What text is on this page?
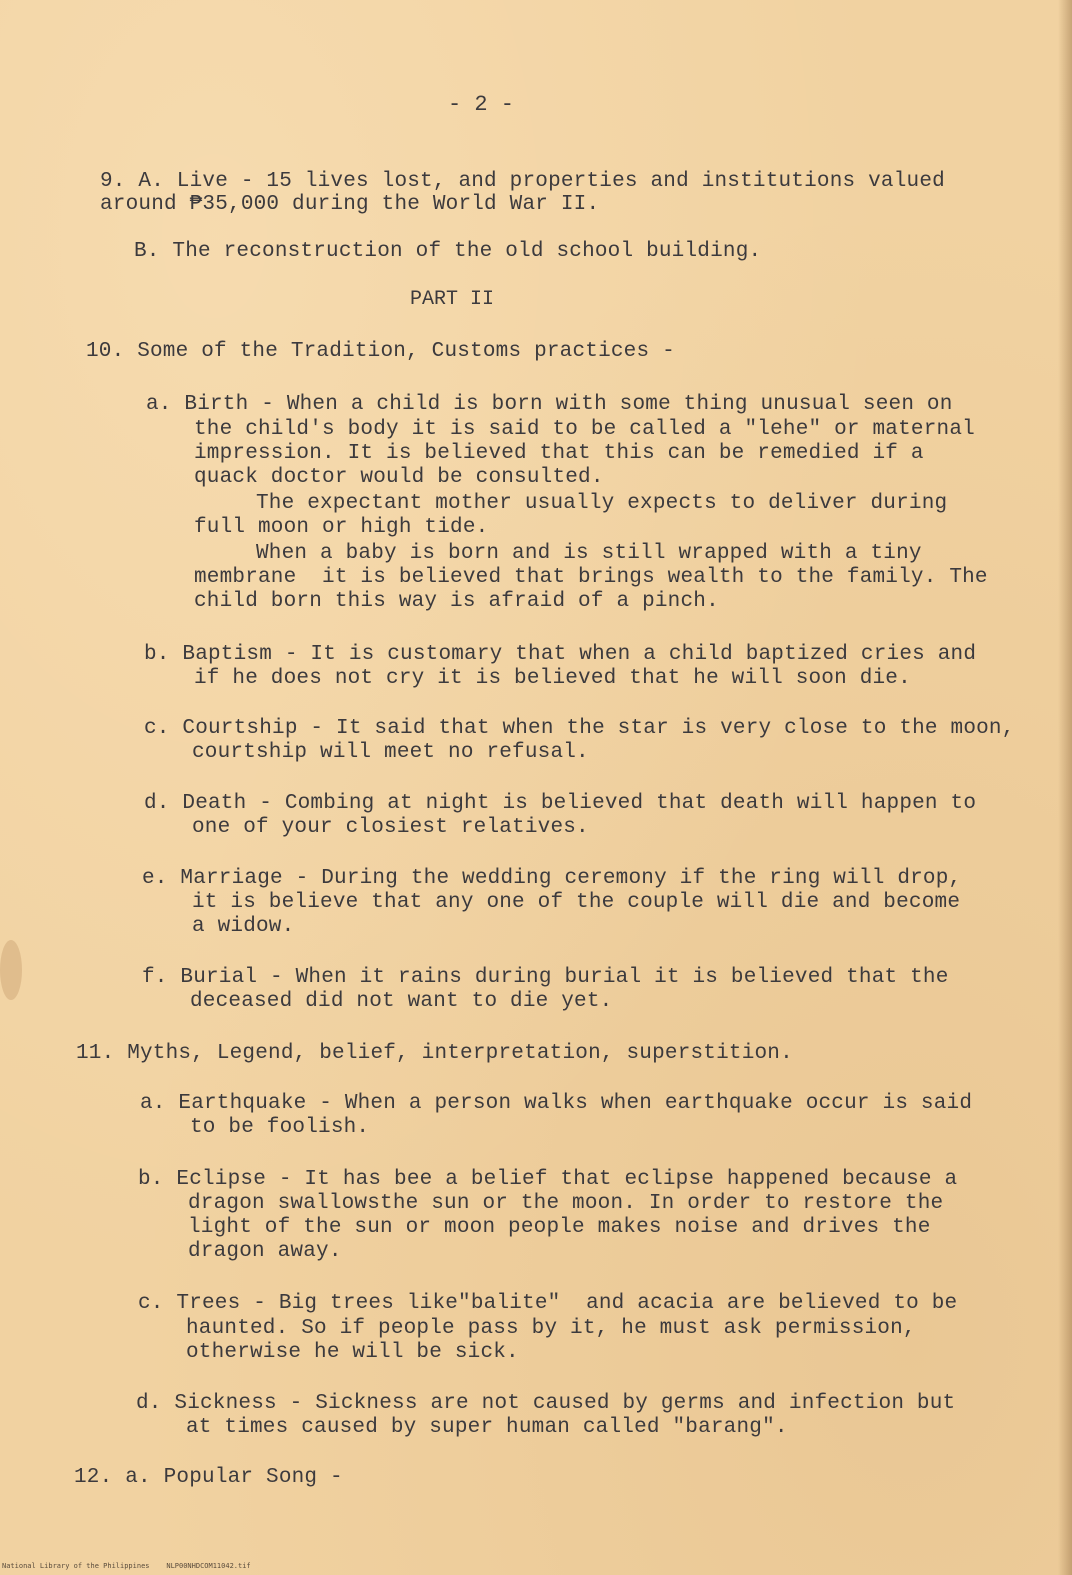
- 2 -
9. A. Live - 15 lives lost, and properties and institutions valued
around ₱35,000 during the World War II.
B. The reconstruction of the old school building.
PART II
10. Some of the Tradition, Customs practices -
a. Birth - When a child is born with some thing unusual seen on
the child's body it is said to be called a "lehe" or maternal
impression. It is believed that this can be remedied if a
quack doctor would be consulted.
The expectant mother usually expects to deliver during
full moon or high tide.
When a baby is born and is still wrapped with a tiny
membrane  it is believed that brings wealth to the family. The
child born this way is afraid of a pinch.
b. Baptism - It is customary that when a child baptized cries and
if he does not cry it is believed that he will soon die.
c. Courtship - It said that when the star is very close to the moon,
courtship will meet no refusal.
d. Death - Combing at night is believed that death will happen to
one of your closiest relatives.
e. Marriage - During the wedding ceremony if the ring will drop,
it is believe that any one of the couple will die and become
a widow.
f. Burial - When it rains during burial it is believed that the
deceased did not want to die yet.
11. Myths, Legend, belief, interpretation, superstition.
a. Earthquake - When a person walks when earthquake occur is said
to be foolish.
b. Eclipse - It has bee a belief that eclipse happened because a
dragon swallowsthe sun or the moon. In order to restore the
light of the sun or moon people makes noise and drives the
dragon away.
c. Trees - Big trees like"balite"  and acacia are believed to be
haunted. So if people pass by it, he must ask permission,
otherwise he will be sick.
d. Sickness - Sickness are not caused by germs and infection but
at times caused by super human called "barang".
12. a. Popular Song -
National Library of the Philippines    NLP00NHDCOM11042.tif
